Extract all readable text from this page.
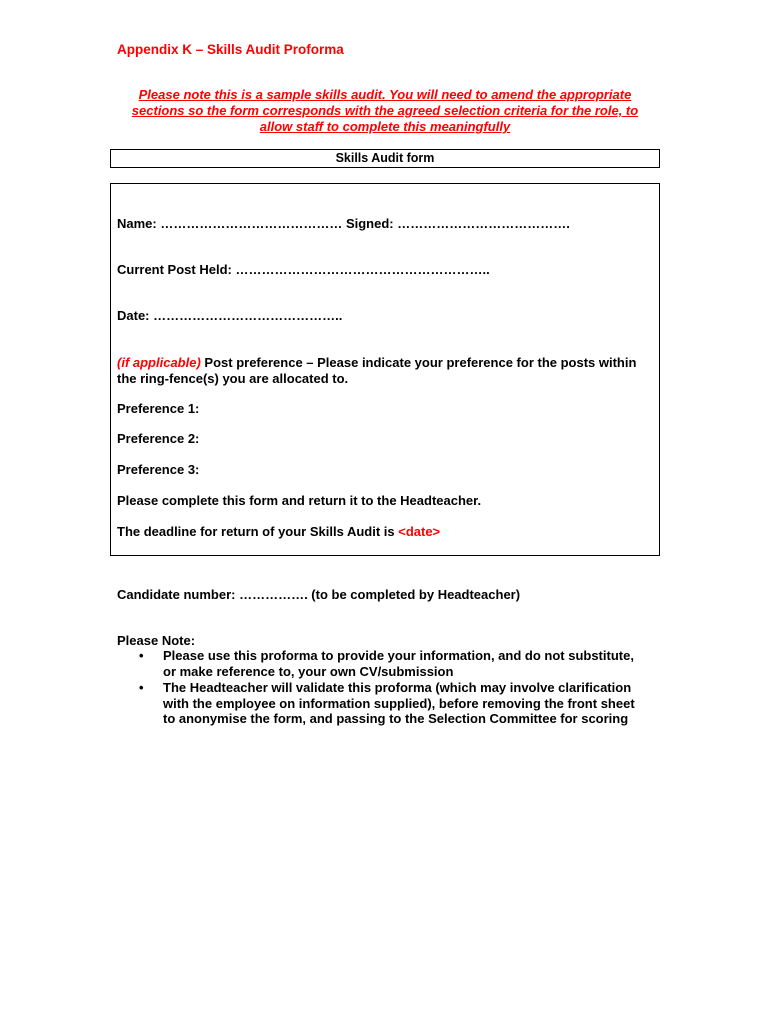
Appendix K – Skills Audit Proforma
Please note this is a sample skills audit. You will need to amend the appropriate sections so the form corresponds with the agreed selection criteria for the role, to allow staff to complete this meaningfully
Skills Audit form
Name: …………………………………… Signed: ………………………………….
Current Post Held: …………………………………………………..
Date: ……………………………………..
(if applicable) Post preference – Please indicate your preference for the posts within the ring-fence(s) you are allocated to.
Preference 1:
Preference 2:
Preference 3:
Please complete this form and return it to the Headteacher.
The deadline for return of your Skills Audit is <date>
Candidate number: ……………. (to be completed by Headteacher)
Please Note:
• Please use this proforma to provide your information, and do not substitute, or make reference to, your own CV/submission
• The Headteacher will validate this proforma (which may involve clarification with the employee on information supplied), before removing the front sheet to anonymise the form, and passing to the Selection Committee for scoring
